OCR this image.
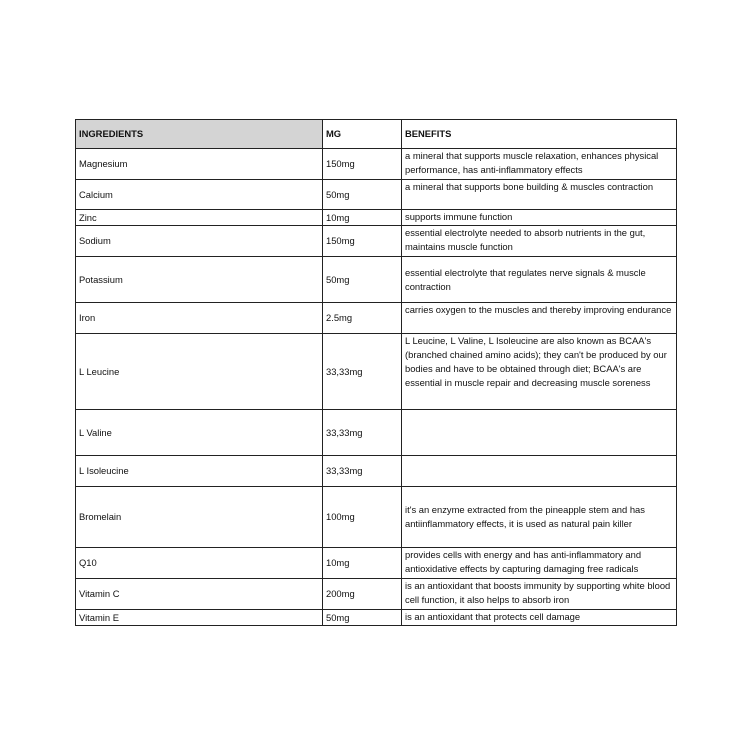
INGREDIENTS	MG	BENEFITS
Magnesium	150mg	a mineral that supports muscle relaxation, enhances physical performance, has anti-inflammatory effects
Calcium	50mg	a mineral that supports bone building & muscles contraction
Zinc	10mg	supports immune function
Sodium	150mg	essential electrolyte needed to absorb nutrients in the gut, maintains muscle function
Potassium	50mg	essential electrolyte that regulates nerve signals & muscle contraction
Iron	2.5mg	carries oxygen to the muscles and thereby improving endurance
L Leucine	33,33mg	L Leucine, L Valine, L Isoleucine are also known as BCAA's (branched chained amino acids); they can't be produced by our bodies and have to be obtained through diet; BCAA's are essential in muscle repair and decreasing muscle soreness
L Valine	33,33mg	
L Isoleucine	33,33mg	
Bromelain	100mg	it's an enzyme extracted from the pineapple stem and has antiinflammatory effects, it is used as natural pain killer
Q10	10mg	provides cells with energy and has anti-inflammatory and antioxidative effects by capturing damaging free radicals
Vitamin C	200mg	is an antioxidant that boosts immunity by supporting white blood cell function, it also helps to absorb iron
Vitamin E	50mg	is an antioxidant that protects cell damage
